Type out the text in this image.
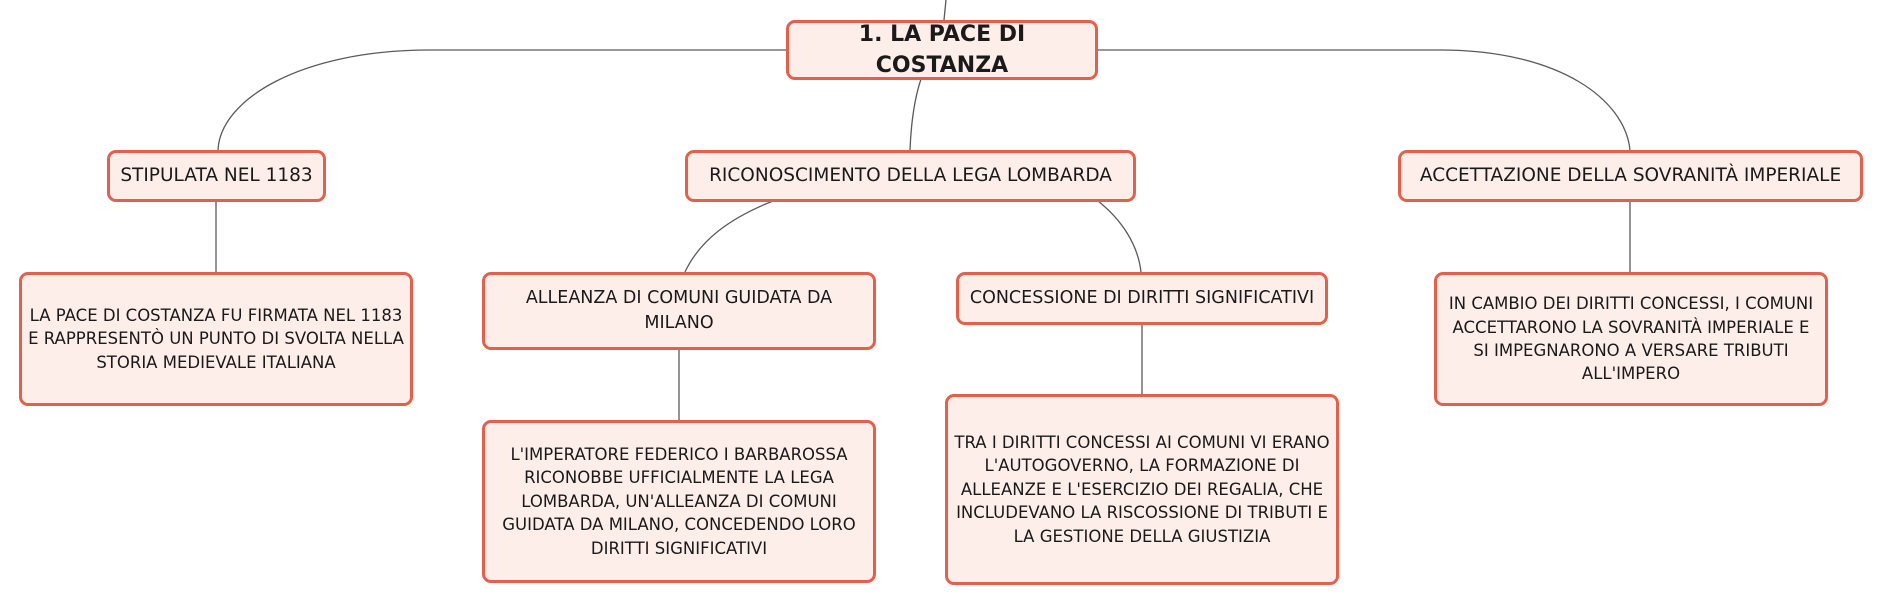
1. LA PACE DI COSTANZA
STIPULATA NEL 1183	RICONOSCIMENTO DELLA LEGA LOMBARDA	ACCETTAZIONE DELLA SOVRANITÀ IMPERIALE
LA PACE DI COSTANZA FU FIRMATA NEL 1183 E RAPPRESENTÒ UN PUNTO DI SVOLTA NELLA STORIA MEDIEVALE ITALIANA
ALLEANZA DI COMUNI GUIDATA DA MILANO
CONCESSIONE DI DIRITTI SIGNIFICATIVI	IN CAMBIO DEI DIRITTI CONCESSI, I COMUNI ACCETTARONO LA SOVRANITÀ IMPERIALE E SI IMPEGNARONO A VERSARE TRIBUTI ALL'IMPERO
L'IMPERATORE FEDERICO I BARBAROSSA RICONOBBE UFFICIALMENTE LA LEGA LOMBARDA, UN'ALLEANZA DI COMUNI GUIDATA DA MILANO, CONCEDENDO LORO DIRITTI SIGNIFICATIVI
TRA I DIRITTI CONCESSI AI COMUNI VI ERANO L'AUTOGOVERNO, LA FORMAZIONE DI ALLEANZE E L'ESERCIZIO DEI REGALIA, CHE INCLUDEVANO LA RISCOSSIONE DI TRIBUTI E LA GESTIONE DELLA GIUSTIZIA
